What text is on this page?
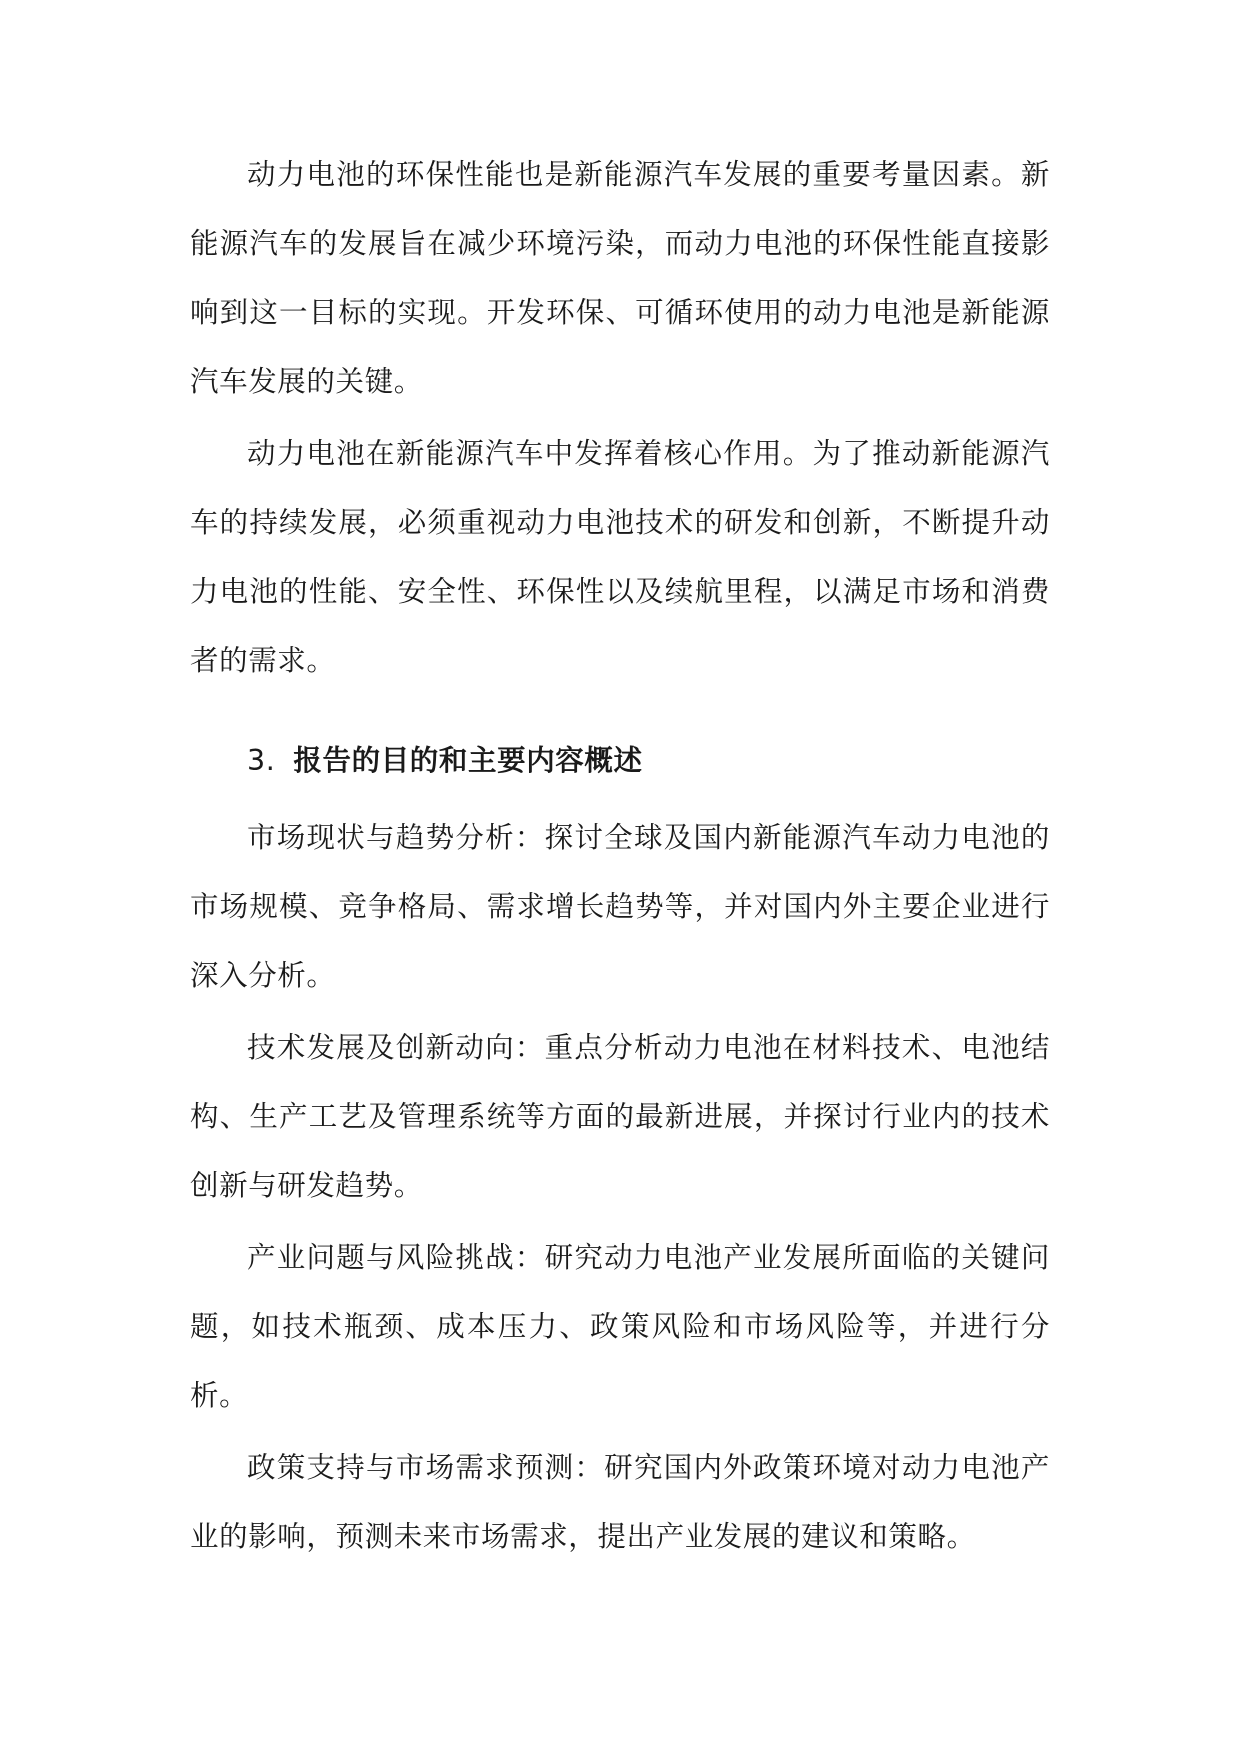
动力电池的环保性能也是新能源汽车发展的重要考量因素。新能源汽车的发展旨在减少环境污染，而动力电池的环保性能直接影响到这一目标的实现。开发环保、可循环使用的动力电池是新能源汽车发展的关键。

动力电池在新能源汽车中发挥着核心作用。为了推动新能源汽车的持续发展，必须重视动力电池技术的研发和创新，不断提升动力电池的性能、安全性、环保性以及续航里程，以满足市场和消费者的需求。

3. 报告的目的和主要内容概述

市场现状与趋势分析：探讨全球及国内新能源汽车动力电池的市场规模、竞争格局、需求增长趋势等，并对国内外主要企业进行深入分析。

技术发展及创新动向：重点分析动力电池在材料技术、电池结构、生产工艺及管理系统等方面的最新进展，并探讨行业内的技术创新与研发趋势。

产业问题与风险挑战：研究动力电池产业发展所面临的关键问题，如技术瓶颈、成本压力、政策风险和市场风险等，并进行分析。

政策支持与市场需求预测：研究国内外政策环境对动力电池产业的影响，预测未来市场需求，提出产业发展的建议和策略。
